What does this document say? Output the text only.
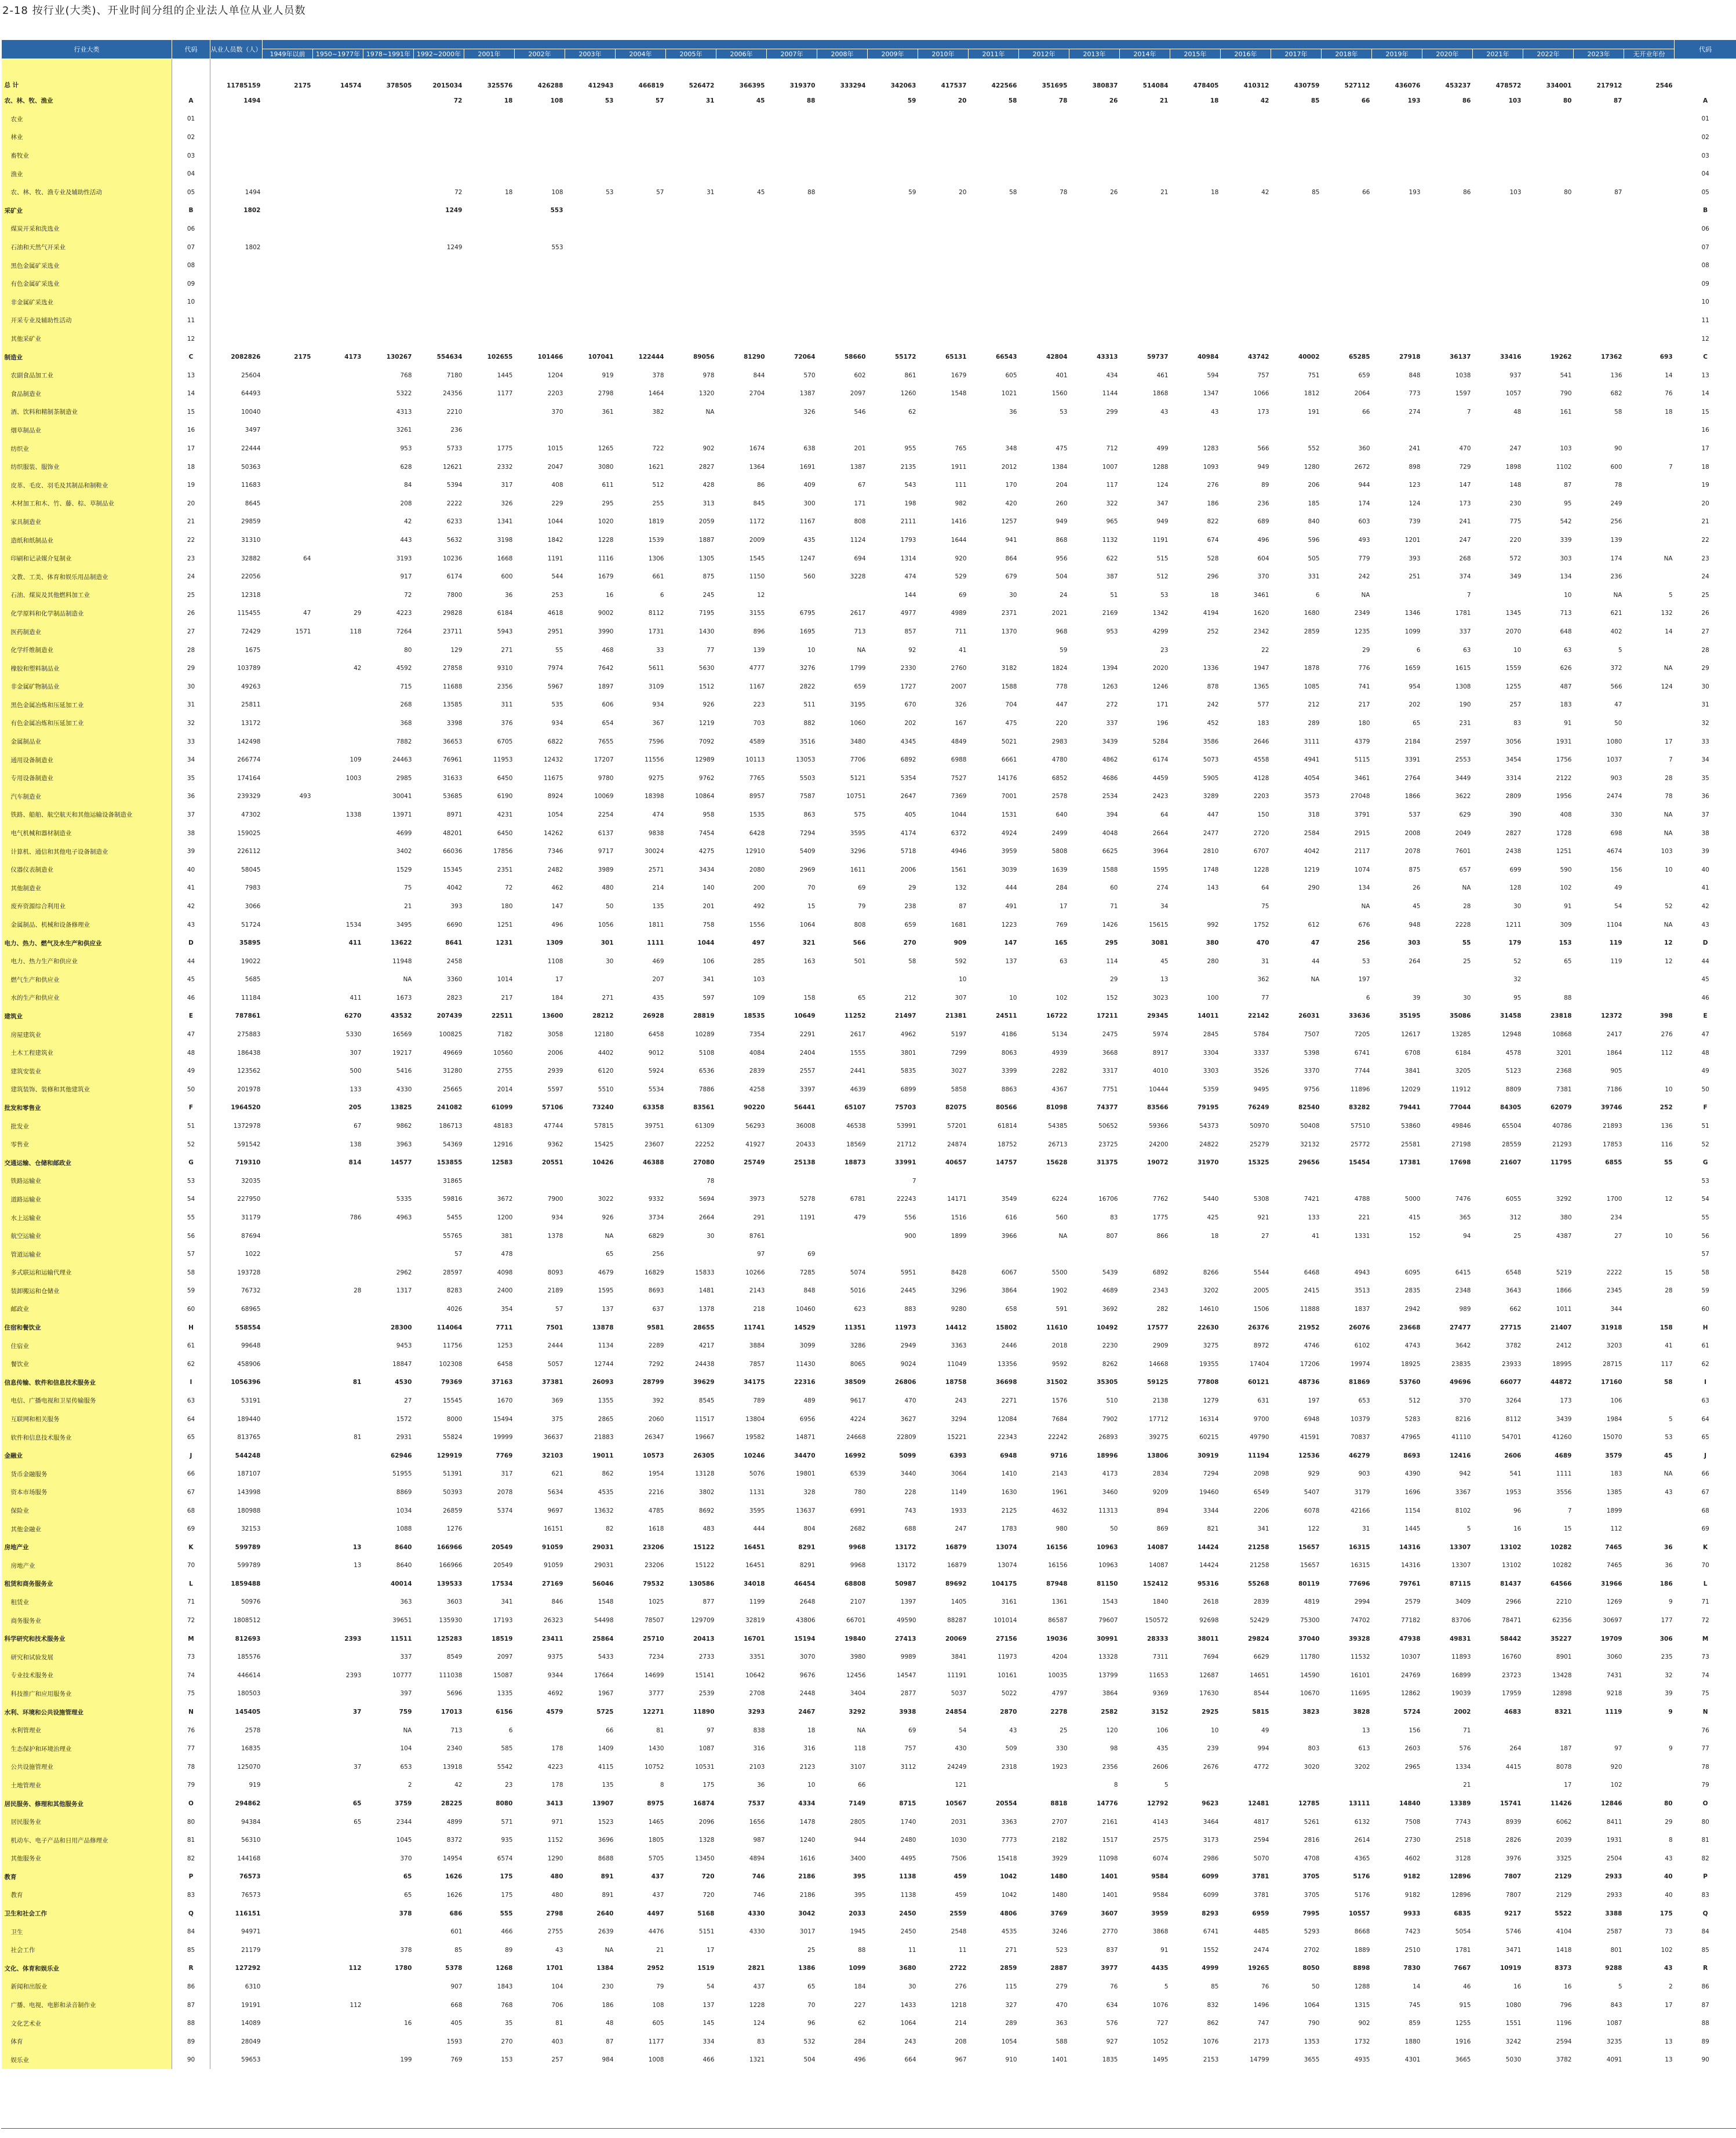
2-18 按行业(大类)、开业时间分组的企业法人单位从业人员数
行业大类	代码	从业人员数（人）																													代码
			1949年以前	1950~1977年	1978~1991年	1992~2000年	2001年	2002年	2003年	2004年	2005年	2006年	2007年	2008年	2009年	2010年	2011年	2012年	2013年	2014年	2015年	2016年	2017年	2018年	2019年	2020年	2021年	2022年	2023年	无开业年份	
总 计		11785159	2175	14574	378505	2015034	325576	426288	412943	466819	526472	366395	319370	333294	342063	417537	422566	351695	380837	514084	478405	410312	430759	527112	436076	453237	478572	334001	217912	2546	
农、林、牧、渔业	A	1494				72	18	108	53	57	31	45	88		59	20	58	78	26	21	18	42	85	66	193	86	103	80	87		A
农业	01																														01
林业	02																														02
畜牧业	03																														03
渔业	04																														04
农、林、牧、渔专业及辅助性活动	05	1494				72	18	108	53	57	31	45	88		59	20	58	78	26	21	18	42	85	66	193	86	103	80	87		05
采矿业	B	1802				1249		553																							B
煤炭开采和洗选业	06																														06
石油和天然气开采业	07	1802				1249		553																							07
黑色金属矿采选业	08																														08
有色金属矿采选业	09																														09
非金属矿采选业	10																														10
开采专业及辅助性活动	11																														11
其他采矿业	12																														12
制造业	C	2082826	2175	4173	130267	554634	102655	101466	107041	122444	89056	81290	72064	58660	55172	65131	66543	42804	43313	59737	40984	43742	40002	65285	27918	36137	33416	19262	17362	693	C
农副食品加工业	13	25604			768	7180	1445	1204	919	378	978	844	570	602	861	1679	605	401	434	461	594	757	751	659	848	1038	937	541	136	14	13
食品制造业	14	64493			5322	24356	1177	2203	2798	1464	1320	2704	1387	2097	1260	1548	1021	1560	1144	1868	1347	1066	1812	2064	773	1597	1057	790	682	76	14
酒、饮料和精制茶制造业	15	10040			4313	2210		370	361	382	NA		326	546	62		36	53	299	43	43	173	191	66	274	7	48	161	58	18	15
烟草制品业	16	3497			3261	236																									16
纺织业	17	22444			953	5733	1775	1015	1265	722	902	1674	638	201	955	765	348	475	712	499	1283	566	552	360	241	470	247	103	90		17
纺织服装、服饰业	18	50363			628	12621	2332	2047	3080	1621	2827	1364	1691	1387	2135	1911	2012	1384	1007	1288	1093	949	1280	2672	898	729	1898	1102	600	7	18
皮革、毛皮、羽毛及其制品和制鞋业	19	11683			84	5394	317	408	611	512	428	86	409	67	543	111	170	204	117	124	276	89	206	944	123	147	148	87	78		19
木材加工和木、竹、藤、棕、草制品业	20	8645			208	2222	326	229	295	255	313	845	300	171	198	982	420	260	322	347	186	236	185	174	124	173	230	95	249		20
家具制造业	21	29859			42	6233	1341	1044	1020	1819	2059	1172	1167	808	2111	1416	1257	949	965	949	822	689	840	603	739	241	775	542	256		21
造纸和纸制品业	22	31310			443	5632	3198	1842	1228	1539	1887	2009	435	1124	1793	1644	941	868	1132	1191	674	496	596	493	1201	247	220	339	139		22
印刷和记录媒介复制业	23	32882	64		3193	10236	1668	1191	1116	1306	1305	1545	1247	694	1314	920	864	956	622	515	528	604	505	779	393	268	572	303	174	NA	23
文教、工美、体育和娱乐用品制造业	24	22056			917	6174	600	544	1679	661	875	1150	560	3228	474	529	679	504	387	512	296	370	331	242	251	374	349	134	236		24
石油、煤炭及其他燃料加工业	25	12318			72	7800	36	253	16	6	245	12			144	69	30	24	51	53	18	3461	6	NA		7		10	NA	5	25
化学原料和化学制品制造业	26	115455	47	29	4223	29828	6184	4618	9002	8112	7195	3155	6795	2617	4977	4989	2371	2021	2169	1342	4194	1620	1680	2349	1346	1781	1345	713	621	132	26
医药制造业	27	72429	1571	118	7264	23711	5943	2951	3990	1731	1430	896	1695	713	857	711	1370	968	953	4299	252	2342	2859	1235	1099	337	2070	648	402	14	27
化学纤维制造业	28	1675			80	129	271	55	468	33	77	139	10	NA	92	41		59		23		22		29	6	63	10	63	5		28
橡胶和塑料制品业	29	103789		42	4592	27858	9310	7974	7642	5611	5630	4777	3276	1799	2330	2760	3182	1824	1394	2020	1336	1947	1878	776	1659	1615	1559	626	372	NA	29
非金属矿物制品业	30	49263			715	11688	2356	5967	1897	3109	1512	1167	2822	659	1727	2007	1588	778	1263	1246	878	1365	1085	741	954	1308	1255	487	566	124	30
黑色金属冶炼和压延加工业	31	25811			268	13585	311	535	606	934	926	223	511	3195	670	326	704	447	272	171	242	577	212	217	202	190	257	183	47		31
有色金属冶炼和压延加工业	32	13172			368	3398	376	934	654	367	1219	703	882	1060	202	167	475	220	337	196	452	183	289	180	65	231	83	91	50		32
金属制品业	33	142498			7882	36653	6705	6822	7655	7596	7092	4589	3516	3480	4345	4849	5021	2983	3439	5284	3586	2646	3111	4379	2184	2597	3056	1931	1080	17	33
通用设备制造业	34	266774		109	24463	76961	11953	12432	17207	11556	12989	10113	13053	7706	6892	6988	6661	4780	4862	6174	5073	4558	4941	5115	3391	2553	3454	1756	1037	7	34
专用设备制造业	35	174164		1003	2985	31633	6450	11675	9780	9275	9762	7765	5503	5121	5354	7527	14176	6852	4686	4459	5905	4128	4054	3461	2764	3449	3314	2122	903	28	35
汽车制造业	36	239329	493		30041	53685	6190	8924	10069	18398	10864	8957	7587	10751	2647	7369	7001	2578	2534	2423	3289	2203	3573	27048	1866	3622	2809	1956	2474	78	36
铁路、船舶、航空航天和其他运输设备制造业	37	47302		1338	13971	8971	4231	1054	2254	474	958	1535	863	575	405	1044	1531	640	394	64	447	150	318	3791	537	629	390	408	330	NA	37
电气机械和器材制造业	38	159025			4699	48201	6450	14262	6137	9838	7454	6428	7294	3595	4174	6372	4924	2499	4048	2664	2477	2720	2584	2915	2008	2049	2827	1728	698	NA	38
计算机、通信和其他电子设备制造业	39	226112			3402	66036	17856	7346	9717	30024	4275	12910	5409	3296	5718	4946	3959	5808	6625	3964	2810	6707	4042	2117	2078	7601	2438	1251	4674	103	39
仪器仪表制造业	40	58045			1529	15345	2351	2482	3989	2571	3434	2080	2969	1611	2006	1561	3039	1639	1588	1595	1748	1228	1219	1074	875	657	699	590	156	10	40
其他制造业	41	7983			75	4042	72	462	480	214	140	200	70	69	29	132	444	284	60	274	143	64	290	134	26	NA	128	102	49		41
废弃资源综合利用业	42	3066			21	393	180	147	50	135	201	492	15	79	238	87	491	17	71	34		75		NA	45	28	30	91	54	52	42
金属制品、机械和设备修理业	43	51724		1534	3495	6690	1251	496	1056	1811	758	1556	1064	808	659	1681	1223	769	1426	15615	992	1752	612	676	948	2228	1211	309	1104	NA	43
电力、热力、燃气及水生产和供应业	D	35895		411	13622	8641	1231	1309	301	1111	1044	497	321	566	270	909	147	165	295	3081	380	470	47	256	303	55	179	153	119	12	D
电力、热力生产和供应业	44	19022			11948	2458		1108	30	469	106	285	163	501	58	592	137	63	114	45	280	31	44	53	264	25	52	65	119	12	44
燃气生产和供应业	45	5685			NA	3360	1014	17		207	341	103				10			29	13		362	NA	197			32				45
水的生产和供应业	46	11184		411	1673	2823	217	184	271	435	597	109	158	65	212	307	10	102	152	3023	100	77		6	39	30	95	88			46
建筑业	E	787861		6270	43532	207439	22511	13600	28212	26928	28819	18535	10649	11252	21497	21381	24511	16722	17211	29345	14011	22142	26031	33636	35195	35086	31458	23818	12372	398	E
房屋建筑业	47	275883		5330	16569	100825	7182	3058	12180	6458	10289	7354	2291	2617	4962	5197	4186	5134	2475	5974	2845	5784	7507	7205	12617	13285	12948	10868	2417	276	47
土木工程建筑业	48	186438		307	19217	49669	10560	2006	4402	9012	5108	4084	2404	1555	3801	7299	8063	4939	3668	8917	3304	3337	5398	6741	6708	6184	4578	3201	1864	112	48
建筑安装业	49	123562		500	5416	31280	2755	2939	6120	5924	6536	2839	2557	2441	5835	3027	3399	2282	3317	4010	3303	3526	3370	7744	3841	3205	5123	2368	905		49
建筑装饰、装修和其他建筑业	50	201978		133	4330	25665	2014	5597	5510	5534	7886	4258	3397	4639	6899	5858	8863	4367	7751	10444	5359	9495	9756	11896	12029	11912	8809	7381	7186	10	50
批发和零售业	F	1964520		205	13825	241082	61099	57106	73240	63358	83561	90220	56441	65107	75703	82075	80566	81098	74377	83566	79195	76249	82540	83282	79441	77044	84305	62079	39746	252	F
批发业	51	1372978		67	9862	186713	48183	47744	57815	39751	61309	56293	36008	46538	53991	57201	61814	54385	50652	59366	54373	50970	50408	57510	53860	49846	65504	40786	21893	136	51
零售业	52	591542		138	3963	54369	12916	9362	15425	23607	22252	41927	20433	18569	21712	24874	18752	26713	23725	24200	24822	25279	32132	25772	25581	27198	28559	21293	17853	116	52
交通运输、仓储和邮政业	G	719310		814	14577	153855	12583	20551	10426	46388	27080	25749	25138	18873	33991	40657	14757	15628	31375	19072	31970	15325	29656	15454	17381	17698	21607	11795	6855	55	G
铁路运输业	53	32035				31865					78				7																53
道路运输业	54	227950			5335	59816	3672	7900	3022	9332	5694	3973	5278	6781	22243	14171	3549	6224	16706	7762	5440	5308	7421	4788	5000	7476	6055	3292	1700	12	54
水上运输业	55	31179		786	4963	5455	1200	934	926	3734	2664	291	1191	479	556	1516	616	560	83	1775	425	921	133	221	415	365	312	380	234		55
航空运输业	56	87694				55765	381	1378	NA	6829	30	8761			900	1899	3966	NA	807	866	18	27	41	1331	152	94	25	4387	27	10	56
管道运输业	57	1022				57	478		65	256		97	69																		57
多式联运和运输代理业	58	193728			2962	28597	4098	8093	4679	16829	15833	10266	7285	5074	5951	8428	6067	5500	5439	6892	8266	5544	6468	4943	6095	6415	6548	5219	2222	15	58
装卸搬运和仓储业	59	76732		28	1317	8283	2400	2189	1595	8693	1481	2143	848	5016	2445	3296	3864	1902	4689	2343	3202	2005	2415	3513	2835	2348	3643	1866	2345	28	59
邮政业	60	68965				4026	354	57	137	637	1378	218	10460	623	883	9280	658	591	3692	282	14610	1506	11888	1837	2942	989	662	1011	344		60
住宿和餐饮业	H	558554			28300	114064	7711	7501	13878	9581	28655	11741	14529	11351	11973	14412	15802	11610	10492	17577	22630	26376	21952	26076	23668	27477	27715	21407	31918	158	H
住宿业	61	99648			9453	11756	1253	2444	1134	2289	4217	3884	3099	3286	2949	3363	2446	2018	2230	2909	3275	8972	4746	6102	4743	3642	3782	2412	3203	41	61
餐饮业	62	458906			18847	102308	6458	5057	12744	7292	24438	7857	11430	8065	9024	11049	13356	9592	8262	14668	19355	17404	17206	19974	18925	23835	23933	18995	28715	117	62
信息传输、软件和信息技术服务业	I	1056396		81	4530	79369	37163	37381	26093	28799	39629	34175	22316	38509	26806	18758	36698	31502	35305	59125	77808	60121	48736	81869	53760	49696	66077	44872	17160	58	I
电信、广播电视和卫星传输服务	63	53191			27	15545	1670	369	1355	392	8545	789	489	9617	470	243	2271	1576	510	2138	1279	631	197	653	512	370	3264	173	106		63
互联网和相关服务	64	189440			1572	8000	15494	375	2865	2060	11517	13804	6956	4224	3627	3294	12084	7684	7902	17712	16314	9700	6948	10379	5283	8216	8112	3439	1984	5	64
软件和信息技术服务业	65	813765		81	2931	55824	19999	36637	21883	26347	19667	19582	14871	24668	22809	15221	22343	22242	26893	39275	60215	49790	41591	70837	47965	41110	54701	41260	15070	53	65
金融业	J	544248			62946	129919	7769	32103	19011	10573	26305	10246	34470	16992	5099	6393	6948	9716	18996	13806	30919	11194	12536	46279	8693	12416	2606	4689	3579	45	J
货币金融服务	66	187107			51955	51391	317	621	862	1954	13128	5076	19801	6539	3440	3064	1410	2143	4173	2834	7294	2098	929	903	4390	942	541	1111	183	NA	66
资本市场服务	67	143998			8869	50393	2078	5634	4535	2216	3802	1131	328	780	228	1149	1630	1961	3460	9209	19460	6549	5407	3179	1696	3367	1953	3556	1385	43	67
保险业	68	180988			1034	26859	5374	9697	13632	4785	8692	3595	13637	6991	743	1933	2125	4632	11313	894	3344	2206	6078	42166	1154	8102	96	7	1899		68
其他金融业	69	32153			1088	1276		16151	82	1618	483	444	804	2682	688	247	1783	980	50	869	821	341	122	31	1445	5	16	15	112		69
房地产业	K	599789		13	8640	166966	20549	91059	29031	23206	15122	16451	8291	9968	13172	16879	13074	16156	10963	14087	14424	21258	15657	16315	14316	13307	13102	10282	7465	36	K
房地产业	70	599789		13	8640	166966	20549	91059	29031	23206	15122	16451	8291	9968	13172	16879	13074	16156	10963	14087	14424	21258	15657	16315	14316	13307	13102	10282	7465	36	70
租赁和商务服务业	L	1859488			40014	139533	17534	27169	56046	79532	130586	34018	46454	68808	50987	89692	104175	87948	81150	152412	95316	55268	80119	77696	79761	87115	81437	64566	31966	186	L
租赁业	71	50976			363	3603	341	846	1548	1025	877	1199	2648	2107	1397	1405	3161	1361	1543	1840	2618	2839	4819	2994	2579	3409	2966	2210	1269	9	71
商务服务业	72	1808512			39651	135930	17193	26323	54498	78507	129709	32819	43806	66701	49590	88287	101014	86587	79607	150572	92698	52429	75300	74702	77182	83706	78471	62356	30697	177	72
科学研究和技术服务业	M	812693		2393	11511	125283	18519	23411	25864	25710	20413	16701	15194	19840	27413	20069	27156	19036	30991	28333	38011	29824	37040	39328	47938	49831	58442	35227	19709	306	M
研究和试验发展	73	185576			337	8549	2097	9375	5433	7234	2733	3351	3070	3980	9989	3841	11973	4204	13328	7311	7694	6629	11780	11532	10307	11893	16760	8901	3060	235	73
专业技术服务业	74	446614		2393	10777	111038	15087	9344	17664	14699	15141	10642	9676	12456	14547	11191	10161	10035	13799	11653	12687	14651	14590	16101	24769	16899	23723	13428	7431	32	74
科技推广和应用服务业	75	180503			397	5696	1335	4692	1967	3777	2539	2708	2448	3404	2877	5037	5022	4797	3864	9369	17630	8544	10670	11695	12862	19039	17959	12898	9218	39	75
水利、环境和公共设施管理业	N	145405		37	759	17013	6156	4579	5725	12271	11890	3293	2467	3292	3938	24854	2870	2278	2582	3152	2925	5815	3823	3828	5724	2002	4683	8321	1119	9	N
水利管理业	76	2578			NA	713	6		66	81	97	838	18	NA	69	54	43	25	120	106	10	49		13	156	71					76
生态保护和环境治理业	77	16835			104	2340	585	178	1409	1430	1087	316	316	118	757	430	509	330	98	435	239	994	803	613	2603	576	264	187	97	9	77
公共设施管理业	78	125070		37	653	13918	5542	4223	4115	10752	10531	2103	2123	3107	3112	24249	2318	1923	2356	2606	2676	4772	3020	3202	2965	1334	4415	8078	920		78
土地管理业	79	919			2	42	23	178	135	8	175	36	10	66		121			8	5						21		17	102		79
居民服务、修理和其他服务业	O	294862		65	3759	28225	8080	3413	13907	8975	16874	7537	4334	7149	8715	10567	20554	8818	14776	12792	9623	12481	12785	13111	14840	13389	15741	11426	12846	80	O
居民服务业	80	94384		65	2344	4899	571	971	1523	1465	2096	1656	1478	2805	1740	2031	3363	2707	2161	4143	3464	4817	5261	6132	7508	7743	8939	6062	8411	29	80
机动车、电子产品和日用产品修理业	81	56310			1045	8372	935	1152	3696	1805	1328	987	1240	944	2480	1030	7773	2182	1517	2575	3173	2594	2816	2614	2730	2518	2826	2039	1931	8	81
其他服务业	82	144168			370	14954	6574	1290	8688	5705	13450	4894	1616	3400	4495	7506	15418	3929	11098	6074	2986	5070	4708	4365	4602	3128	3976	3325	2504	43	82
教育	P	76573			65	1626	175	480	891	437	720	746	2186	395	1138	459	1042	1480	1401	9584	6099	3781	3705	5176	9182	12896	7807	2129	2933	40	P
教育	83	76573			65	1626	175	480	891	437	720	746	2186	395	1138	459	1042	1480	1401	9584	6099	3781	3705	5176	9182	12896	7807	2129	2933	40	83
卫生和社会工作	Q	116151			378	686	555	2798	2640	4497	5168	4330	3042	2033	2450	2559	4806	3769	3607	3959	8293	6959	7995	10557	9933	6835	9217	5522	3388	175	Q
卫生	84	94971				601	466	2755	2639	4476	5151	4330	3017	1945	2450	2548	4535	3246	2770	3868	6741	4485	5293	8668	7423	5054	5746	4104	2587	73	84
社会工作	85	21179			378	85	89	43	NA	21	17		25	88	11	11	271	523	837	91	1552	2474	2702	1889	2510	1781	3471	1418	801	102	85
文化、体育和娱乐业	R	127292		112	1780	5378	1268	1701	1384	2952	1519	2821	1386	1099	3680	2722	2859	2887	3977	4435	4999	19265	8050	8898	7830	7667	10919	8373	9288	43	R
新闻和出版业	86	6310				907	1843	104	230	79	54	437	65	184	30	276	115	279	76	5	85	76	50	1288	14	46	16	16	5	2	86
广播、电视、电影和录音制作业	87	19191		112		668	768	706	186	108	137	1228	70	227	1433	1218	327	470	634	1076	832	1496	1064	1315	745	915	1080	796	843	17	87
文化艺术业	88	14089			16	405	35	81	48	605	145	124	96	62	1064	214	289	363	576	727	862	747	790	902	859	1255	1551	1196	1087		88
体育	89	28049				1593	270	403	87	1177	334	83	532	284	243	208	1054	588	927	1052	1076	2173	1353	1732	1880	1916	3242	2594	3235	13	89
娱乐业	90	59653			199	769	153	257	984	1008	466	1321	504	496	664	967	910	1401	1835	1495	2153	14799	3655	4935	4301	3665	5030	3782	4091	13	90
